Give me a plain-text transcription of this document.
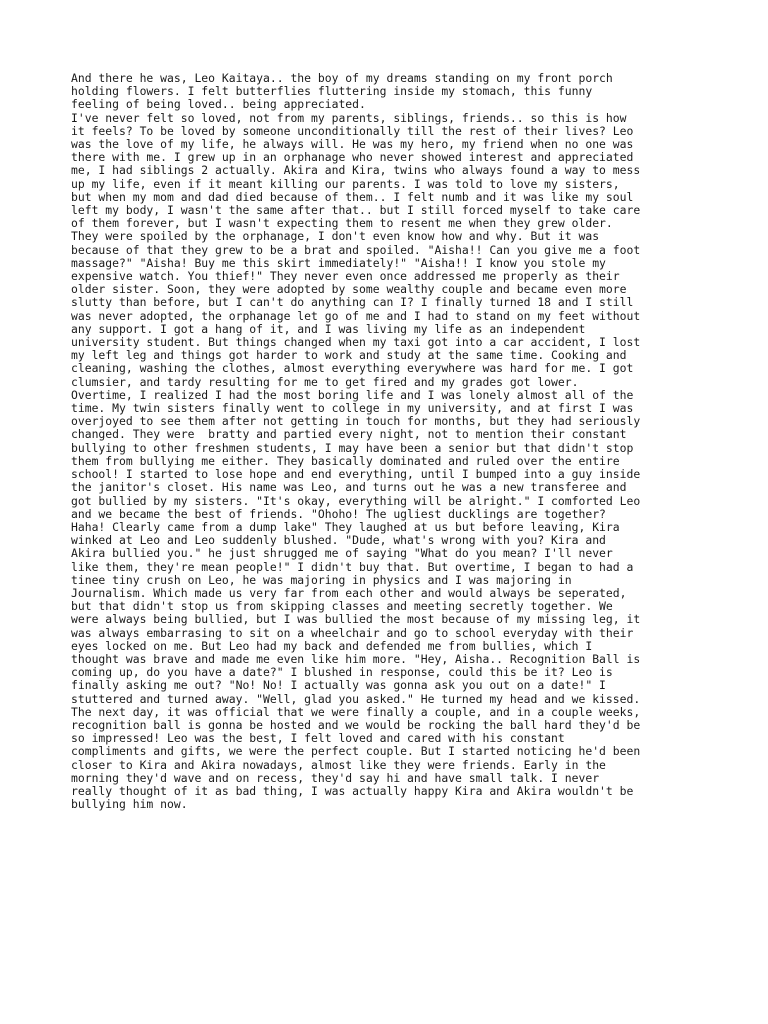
And there he was, Leo Kaitaya.. the boy of my dreams standing on my front porch
holding flowers. I felt butterflies fluttering inside my stomach, this funny
feeling of being loved.. being appreciated.
I've never felt so loved, not from my parents, siblings, friends.. so this is how
it feels? To be loved by someone unconditionally till the rest of their lives? Leo
was the love of my life, he always will. He was my hero, my friend when no one was
there with me. I grew up in an orphanage who never showed interest and appreciated
me, I had siblings 2 actually. Akira and Kira, twins who always found a way to mess
up my life, even if it meant killing our parents. I was told to love my sisters,
but when my mom and dad died because of them.. I felt numb and it was like my soul
left my body, I wasn't the same after that.. but I still forced myself to take care
of them forever, but I wasn't expecting them to resent me when they grew older.
They were spoiled by the orphanage, I don't even know how and why. But it was
because of that they grew to be a brat and spoiled. "Aisha!! Can you give me a foot
massage?" "Aisha! Buy me this skirt immediately!" "Aisha!! I know you stole my
expensive watch. You thief!" They never even once addressed me properly as their
older sister. Soon, they were adopted by some wealthy couple and became even more
slutty than before, but I can't do anything can I? I finally turned 18 and I still
was never adopted, the orphanage let go of me and I had to stand on my feet without
any support. I got a hang of it, and I was living my life as an independent
university student. But things changed when my taxi got into a car accident, I lost
my left leg and things got harder to work and study at the same time. Cooking and
cleaning, washing the clothes, almost everything everywhere was hard for me. I got
clumsier, and tardy resulting for me to get fired and my grades got lower.
Overtime, I realized I had the most boring life and I was lonely almost all of the
time. My twin sisters finally went to college in my university, and at first I was
overjoyed to see them after not getting in touch for months, but they had seriously
changed. They were  bratty and partied every night, not to mention their constant
bullying to other freshmen students, I may have been a senior but that didn't stop
them from bullying me either. They basically dominated and ruled over the entire
school! I started to lose hope and end everything, until I bumped into a guy inside
the janitor's closet. His name was Leo, and turns out he was a new transferee and
got bullied by my sisters. "It's okay, everything will be alright." I comforted Leo
and we became the best of friends. "Ohoho! The ugliest ducklings are together?
Haha! Clearly came from a dump lake" They laughed at us but before leaving, Kira
winked at Leo and Leo suddenly blushed. "Dude, what's wrong with you? Kira and
Akira bullied you." he just shrugged me of saying "What do you mean? I'll never
like them, they're mean people!" I didn't buy that. But overtime, I began to had a
tinee tiny crush on Leo, he was majoring in physics and I was majoring in
Journalism. Which made us very far from each other and would always be seperated,
but that didn't stop us from skipping classes and meeting secretly together. We
were always being bullied, but I was bullied the most because of my missing leg, it
was always embarrasing to sit on a wheelchair and go to school everyday with their
eyes locked on me. But Leo had my back and defended me from bullies, which I
thought was brave and made me even like him more. "Hey, Aisha.. Recognition Ball is
coming up, do you have a date?" I blushed in response, could this be it? Leo is
finally asking me out? "No! No! I actually was gonna ask you out on a date!" I
stuttered and turned away. "Well, glad you asked." He turned my head and we kissed.
The next day, it was official that we were finally a couple, and in a couple weeks,
recognition ball is gonna be hosted and we would be rocking the ball hard they'd be
so impressed! Leo was the best, I felt loved and cared with his constant
compliments and gifts, we were the perfect couple. But I started noticing he'd been
closer to Kira and Akira nowadays, almost like they were friends. Early in the
morning they'd wave and on recess, they'd say hi and have small talk. I never
really thought of it as bad thing, I was actually happy Kira and Akira wouldn't be
bullying him now.
